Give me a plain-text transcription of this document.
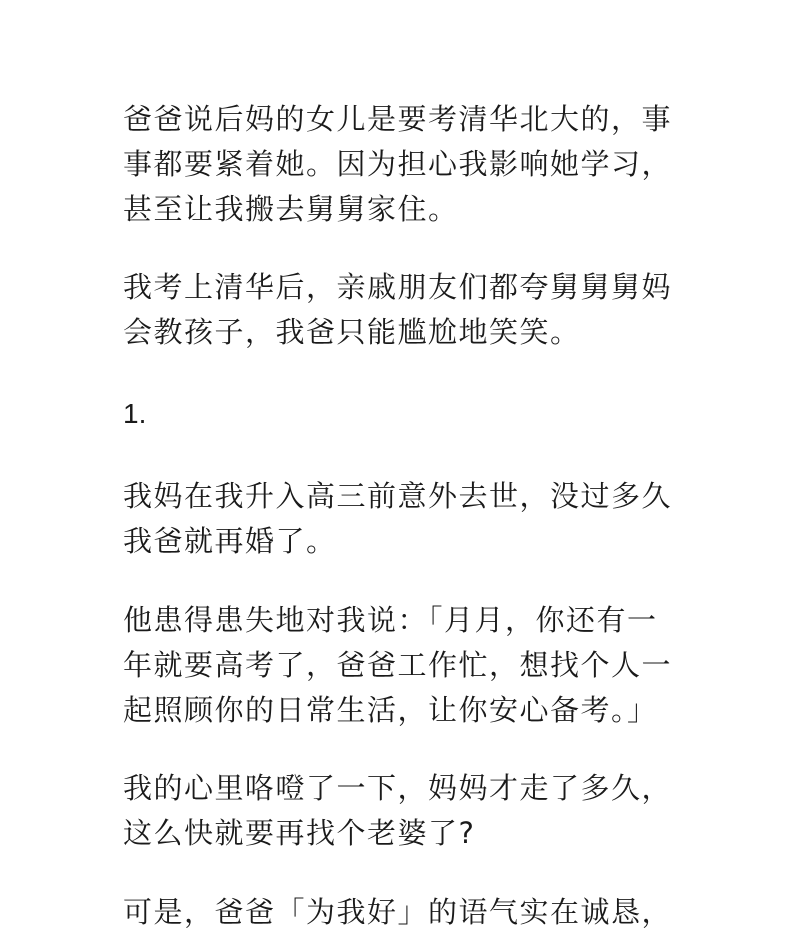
爸爸说后妈的女儿是要考清华北大的，事
事都要紧着她。因为担心我影响她学习，
甚至让我搬去舅舅家住。

我考上清华后，亲戚朋友们都夸舅舅舅妈
会教孩子，我爸只能尴尬地笑笑。

1.

我妈在我升入高三前意外去世，没过多久
我爸就再婚了。

他患得患失地对我说：「月月，你还有一
年就要高考了，爸爸工作忙，想找个人一
起照顾你的日常生活，让你安心备考。」

我的心里咯噔了一下，妈妈才走了多久，
这么快就要再找个老婆了?

可是，爸爸「为我好」的语气实在诚恳，
